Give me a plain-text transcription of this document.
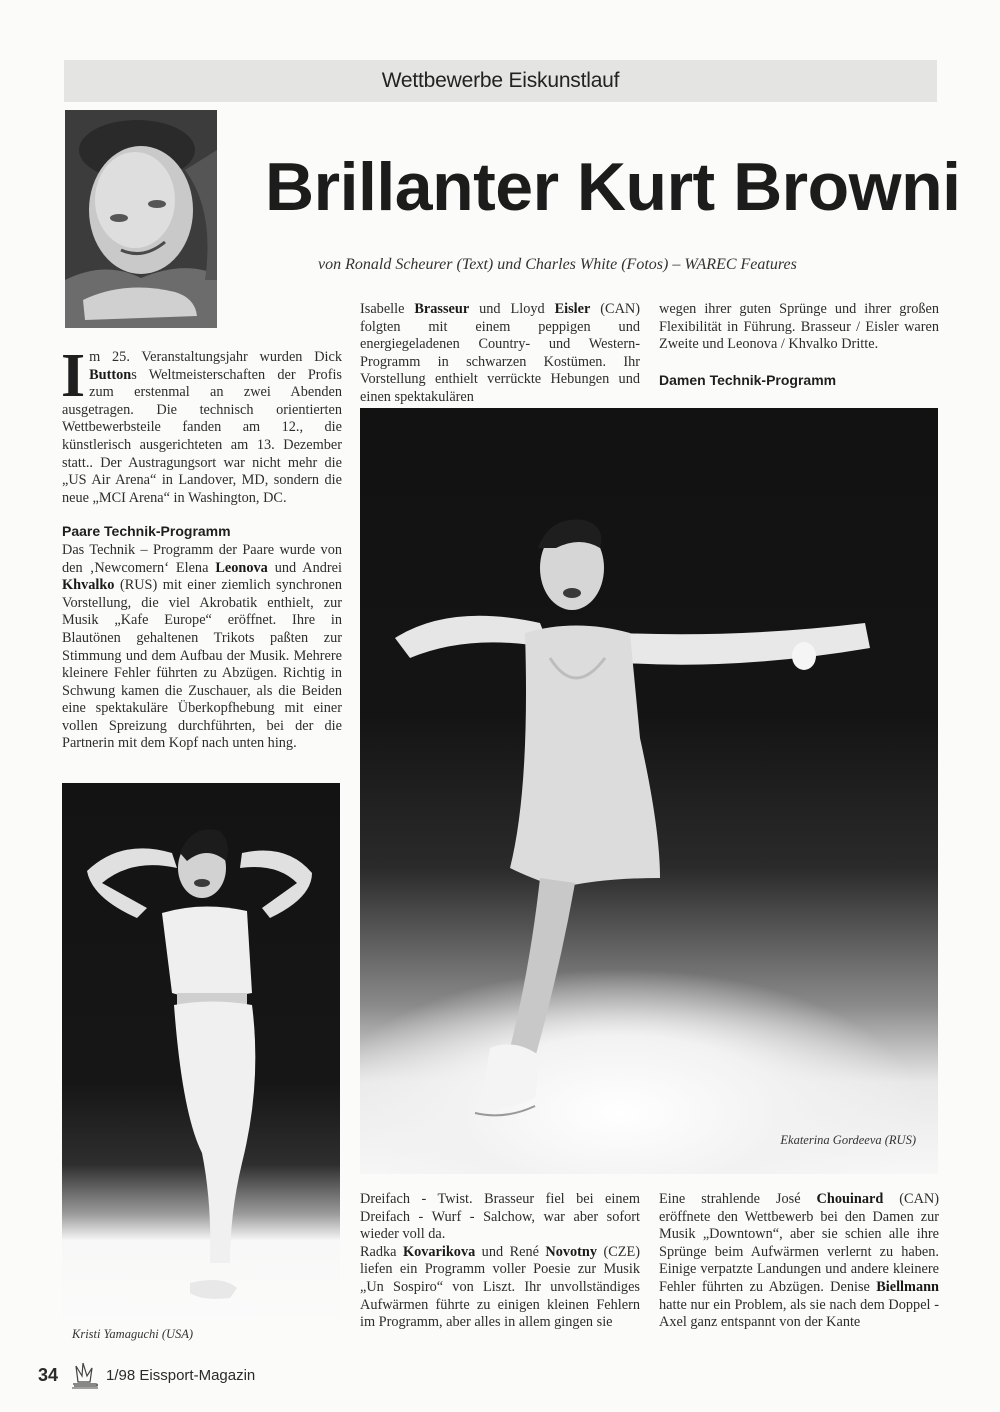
Wettbewerbe Eiskunstlauf
Brillanter Kurt Browni
von Ronald Scheurer (Text) und Charles White (Fotos) – WAREC Features

Im 25. Veranstaltungsjahr wurden Dick Buttons Weltmeisterschaften der Profis zum erstenmal an zwei Abenden ausgetragen. Die technisch orientierten Wettbewerbsteile fanden am 12., die künstlerisch ausgerichteten am 13. Dezember statt.. Der Austragungsort war nicht mehr die „US Air Arena“ in Landover, MD, sondern die neue „MCI Arena“ in Washington, DC.

Paare Technik-Programm

Das Technik – Programm der Paare wurde von den ‚Newcomern‘ Elena Leonova und Andrei Khvalko (RUS) mit einer ziemlich synchronen Vorstellung, die viel Akrobatik enthielt, zur Musik „Kafe Europe“ eröffnet. Ihre in Blautönen gehaltenen Trikots paßten zur Stimmung und dem Aufbau der Musik. Mehrere kleinere Fehler führten zu Abzügen. Richtig in Schwung kamen die Zuschauer, als die Beiden eine spektakuläre Überkopfhebung mit einer vollen Spreizung durchführten, bei der die Partnerin mit dem Kopf nach unten hing.

Isabelle Brasseur und Lloyd Eisler (CAN) folgten mit einem peppigen und energiegeladenen Country- und Western- Programm in schwarzen Kostümen. Ihr Vorstellung enthielt verrückte Hebungen und einen spektakulären

wegen ihrer guten Sprünge und ihrer großen Flexibilität in Führung. Brasseur / Eisler waren Zweite und Leonova / Khvalko Dritte.

Damen Technik-Programm
Ekaterina Gordeeva (RUS)
Kristi Yamaguchi (USA)

Dreifach - Twist. Brasseur fiel bei einem Dreifach - Wurf - Salchow, war aber sofort wieder voll da.

Radka Kovarikova und René Novotny (CZE) liefen ein Programm voller Poesie zur Musik „Un Sospiro“ von Liszt. Ihr unvollständiges Aufwärmen führte zu einigen kleinen Fehlern im Programm, aber alles in allem gingen sie

Eine strahlende José Chouinard (CAN) eröffnete den Wettbewerb bei den Damen zur Musik „Downtown“, aber sie schien alle ihre Sprünge beim Aufwärmen verlernt zu haben. Einige verpatzte Landungen und andere kleinere Fehler führten zu Abzügen. Denise Biellmann hatte nur ein Problem, als sie nach dem Doppel - Axel ganz entspannt von der Kante

34	1/98 Eissport-Magazin
